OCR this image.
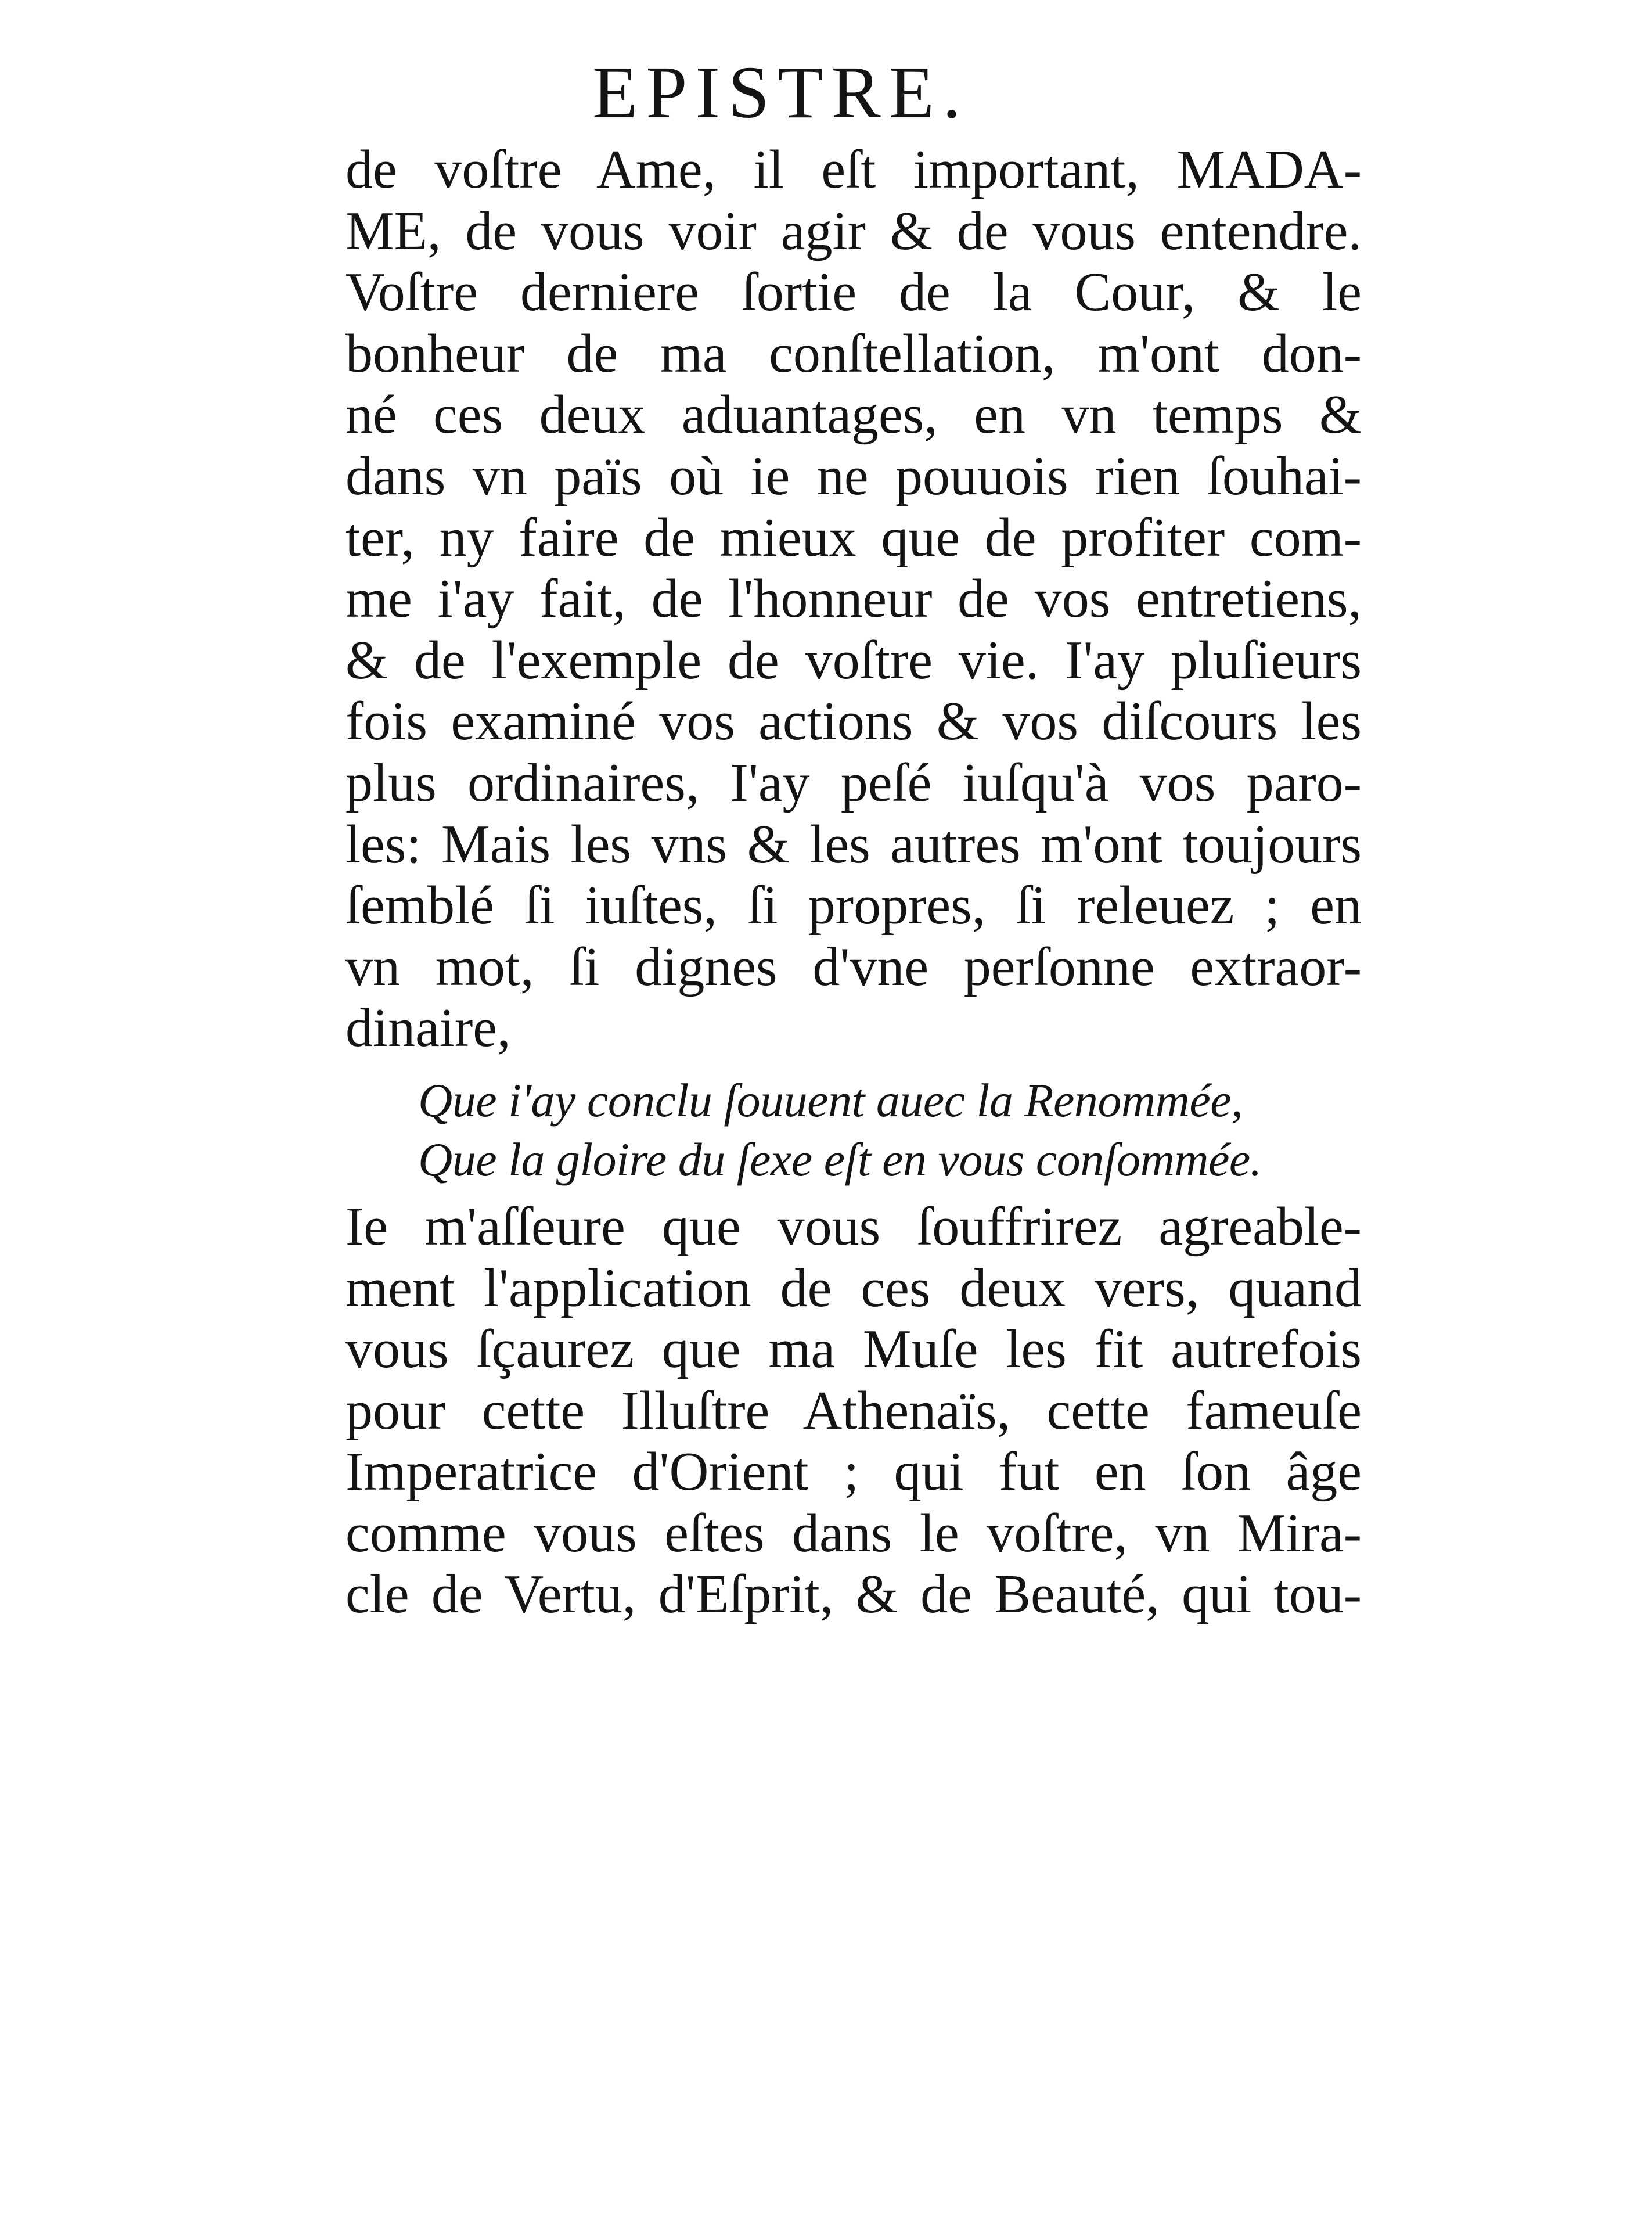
EPISTRE.
de voſtre Ame, il eſt important, MADA-
ME, de vous voir agir & de vous entendre.
Voſtre derniere ſortie de la Cour, & le
bonheur de ma conſtellation, m'ont don-
né ces deux aduantages, en vn temps &
dans vn païs où ie ne pouuois rien ſouhai-
ter, ny faire de mieux que de profiter com-
me i'ay fait, de l'honneur de vos entretiens,
& de l'exemple de voſtre vie. I'ay pluſieurs
fois examiné vos actions & vos diſcours les
plus ordinaires, I'ay peſé iuſqu'à vos paro-
les: Mais les vns & les autres m'ont toujours
ſemblé ſi iuſtes, ſi propres, ſi releuez ; en
vn mot, ſi dignes d'vne perſonne extraor-
dinaire,
Que i'ay conclu ſouuent auec la Renommée,
Que la gloire du ſexe eſt en vous conſommée.
Ie m'aſſeure que vous ſouffrirez agreable-
ment l'application de ces deux vers, quand
vous ſçaurez que ma Muſe les fit autrefois
pour cette Illuſtre Athenaïs, cette fameuſe
Imperatrice d'Orient ; qui fut en ſon âge
comme vous eſtes dans le voſtre, vn Mira-
cle de Vertu, d'Eſprit, & de Beauté, qui tou-
